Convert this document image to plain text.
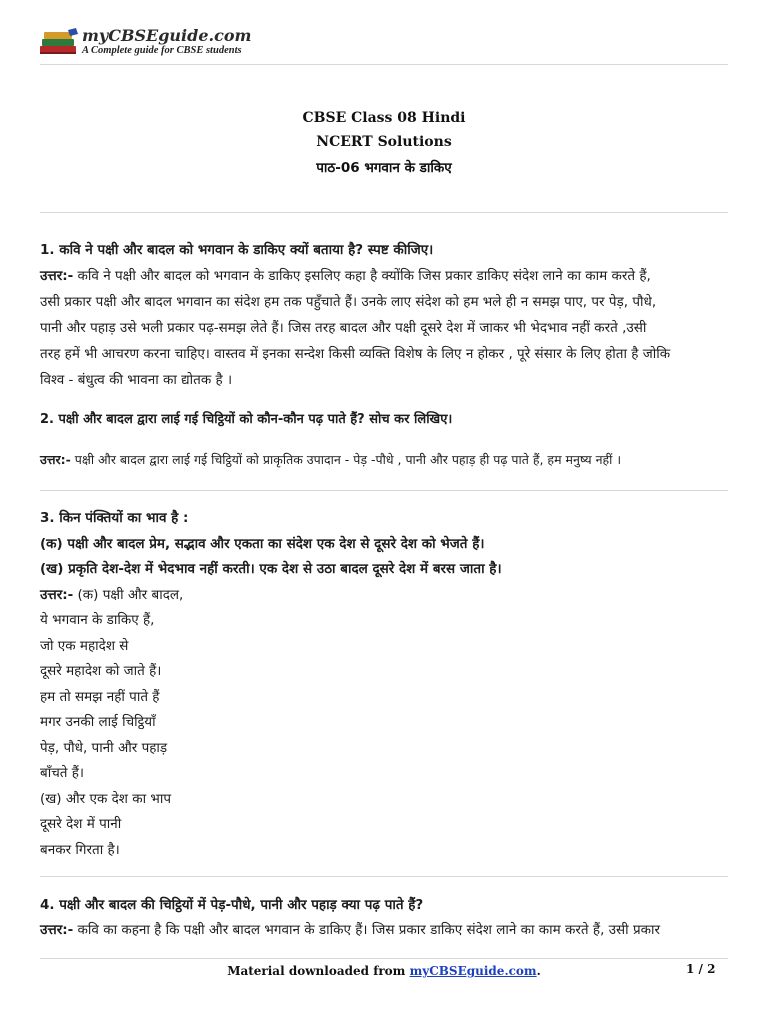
myCBSEguide.com
A Complete guide for CBSE students
CBSE Class 08 Hindi
NCERT Solutions
पाठ-06 भगवान के डाकिए
1. कवि ने पक्षी और बादल को भगवान के डाकिए क्यों बताया है? स्पष्ट कीजिए।
उत्तर:- कवि ने पक्षी और बादल को भगवान के डाकिए इसलिए कहा है क्योंकि जिस प्रकार डाकिए संदेश लाने का काम करते हैं,
उसी प्रकार पक्षी और बादल भगवान का संदेश हम तक पहुँचाते हैं। उनके लाए संदेश को हम भले ही न समझ पाए, पर पेड़, पौधे,
पानी और पहाड़ उसे भली प्रकार पढ़-समझ लेते हैं। जिस तरह बादल और पक्षी दूसरे देश में जाकर भी भेदभाव नहीं करते ,उसी
तरह हमें भी आचरण करना चाहिए। वास्तव में इनका सन्देश किसी व्यक्ति विशेष के लिए न होकर , पूरे संसार के लिए होता है जोकि
विश्व - बंधुत्व की भावना का द्योतक है ।
2. पक्षी और बादल द्वारा लाई गई चिट्ठियों को कौन-कौन पढ़ पाते हैं? सोच कर लिखिए।
उत्तर:- पक्षी और बादल द्वारा लाई गई चिट्ठियों को प्राकृतिक उपादान - पेड़ -पौधे , पानी और पहाड़ ही पढ़ पाते हैं, हम मनुष्य नहीं ।
3. किन पंक्तियों का भाव है :
(क) पक्षी और बादल प्रेम, सद्भाव और एकता का संदेश एक देश से दूसरे देश को भेजते हैं।
(ख) प्रकृति देश-देश में भेदभाव नहीं करती। एक देश से उठा बादल दूसरे देश में बरस जाता है।
उत्तर:- (क) पक्षी और बादल,
ये भगवान के डाकिए हैं,
जो एक महादेश से
दूसरे महादेश को जाते हैं।
हम तो समझ नहीं पाते हैं
मगर उनकी लाई चिट्ठियाँ
पेड़, पौधे, पानी और पहाड़
बाँचते हैं।
(ख) और एक देश का भाप
दूसरे देश में पानी
बनकर गिरता है।
4. पक्षी और बादल की चिट्ठियों में पेड़-पौधे, पानी और पहाड़ क्या पढ़ पाते हैं?
उत्तर:- कवि का कहना है कि पक्षी और बादल भगवान के डाकिए हैं। जिस प्रकार डाकिए संदेश लाने का काम करते हैं, उसी प्रकार
Material downloaded from myCBSEguide.com.	1 / 2
